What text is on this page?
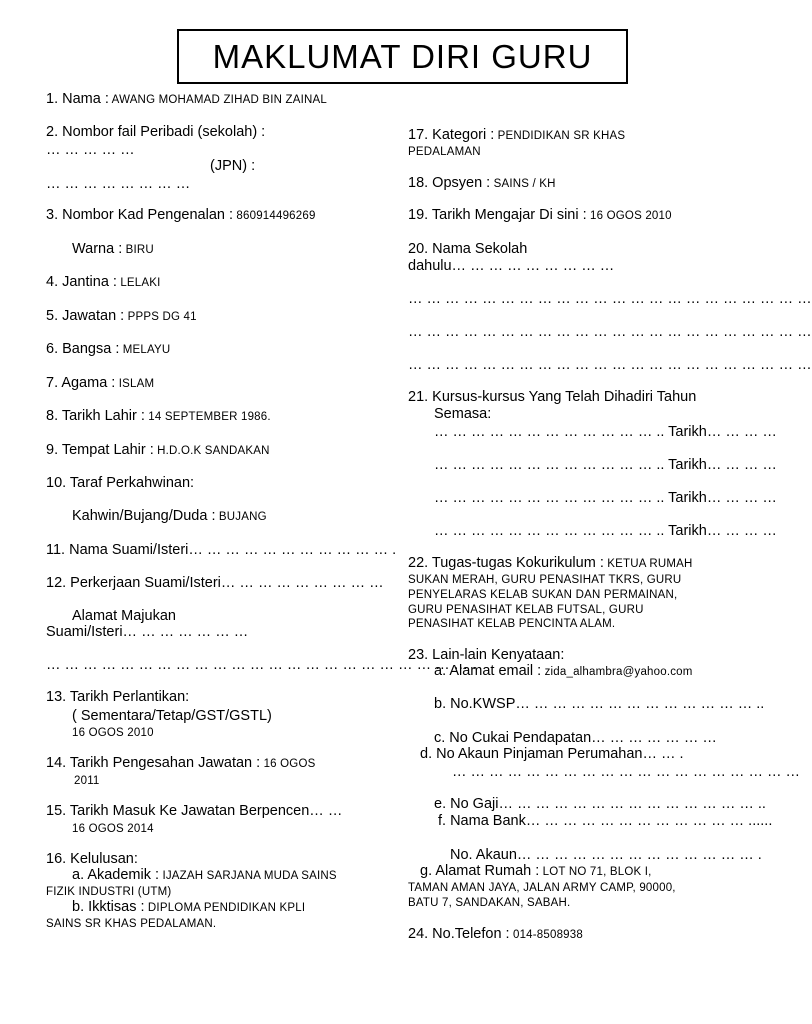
MAKLUMAT DIRI GURU
1. Nama : AWANG MOHAMAD ZIHAD BIN ZAINAL
2. Nombor fail Peribadi (sekolah) :
… … … … …
(JPN) :
… … … … … … … …
3. Nombor Kad Pengenalan : 860914496269
Warna : BIRU
4. Jantina : LELAKI
5. Jawatan : PPPS DG 41
6. Bangsa : MELAYU
7. Agama : ISLAM
8. Tarikh Lahir : 14 SEPTEMBER 1986.
9. Tempat Lahir : H.D.O.K SANDAKAN
10. Taraf Perkahwinan:
Kahwin/Bujang/Duda : BUJANG
11. Nama Suami/Isteri… … … … … … … … … … … .
12. Perkerjaan Suami/Isteri… … … … … … … … …
Alamat Majukan
Suami/Isteri… … … … … … …
… … … … … … … … … … … … … … … … … … … … … … … .
13. Tarikh Perlantikan:
( Sementara/Tetap/GST/GSTL)
16 OGOS 2010
14. Tarikh Pengesahan Jawatan : 16 OGOS
2011
15. Tarikh Masuk Ke Jawatan Berpencen… …
16 OGOS 2014
16. Kelulusan:
a. Akademik : IJAZAH SARJANA MUDA SAINS
FIZIK INDUSTRI (UTM)
b. Ikktisas : DIPLOMA PENDIDIKAN KPLI
SAINS SR KHAS PEDALAMAN.
17. Kategori : PENDIDIKAN SR KHAS
PEDALAMAN
18. Opsyen : SAINS / KH
19. Tarikh Mengajar Di sini : 16 OGOS 2010
20. Nama Sekolah
dahulu… … … … … … … … …
… … … … … … … … … … … … … … … … … … … … … …
… … … … … … … … … … … … … … … … … … … … … …
… … … … … … … … … … … … … … … … … … … … … …
21. Kursus-kursus Yang Telah Dihadiri Tahun
Semasa:
… … … … … … … … … … … … .. Tarikh… … … …
… … … … … … … … … … … … .. Tarikh… … … …
… … … … … … … … … … … … .. Tarikh… … … …
… … … … … … … … … … … … .. Tarikh… … … …
22. Tugas-tugas Kokurikulum : KETUA RUMAH
SUKAN MERAH, GURU PENASIHAT TKRS, GURU
PENYELARAS KELAB SUKAN DAN PERMAINAN,
GURU PENASIHAT KELAB FUTSAL, GURU
PENASIHAT KELAB PENCINTA ALAM.
23. Lain-lain Kenyataan:
a. Alamat email : zida_alhambra@yahoo.com
b. No.KWSP… … … … … … … … … … … … … ..
c. No Cukai Pendapatan… … … … … … …
d. No Akaun Pinjaman Perumahan… … .
… … … … … … … … … … … … … … … … … … …
e. No Gaji… … … … … … … … … … … … … … ..
f. Nama Bank… … … … … … … … … … … … ......
No. Akaun… … … … … … … … … … … … … .
g. Alamat Rumah : LOT NO 71, BLOK I,
TAMAN AMAN JAYA, JALAN ARMY CAMP, 90000,
BATU 7, SANDAKAN, SABAH.
24. No.Telefon : 014-8508938
